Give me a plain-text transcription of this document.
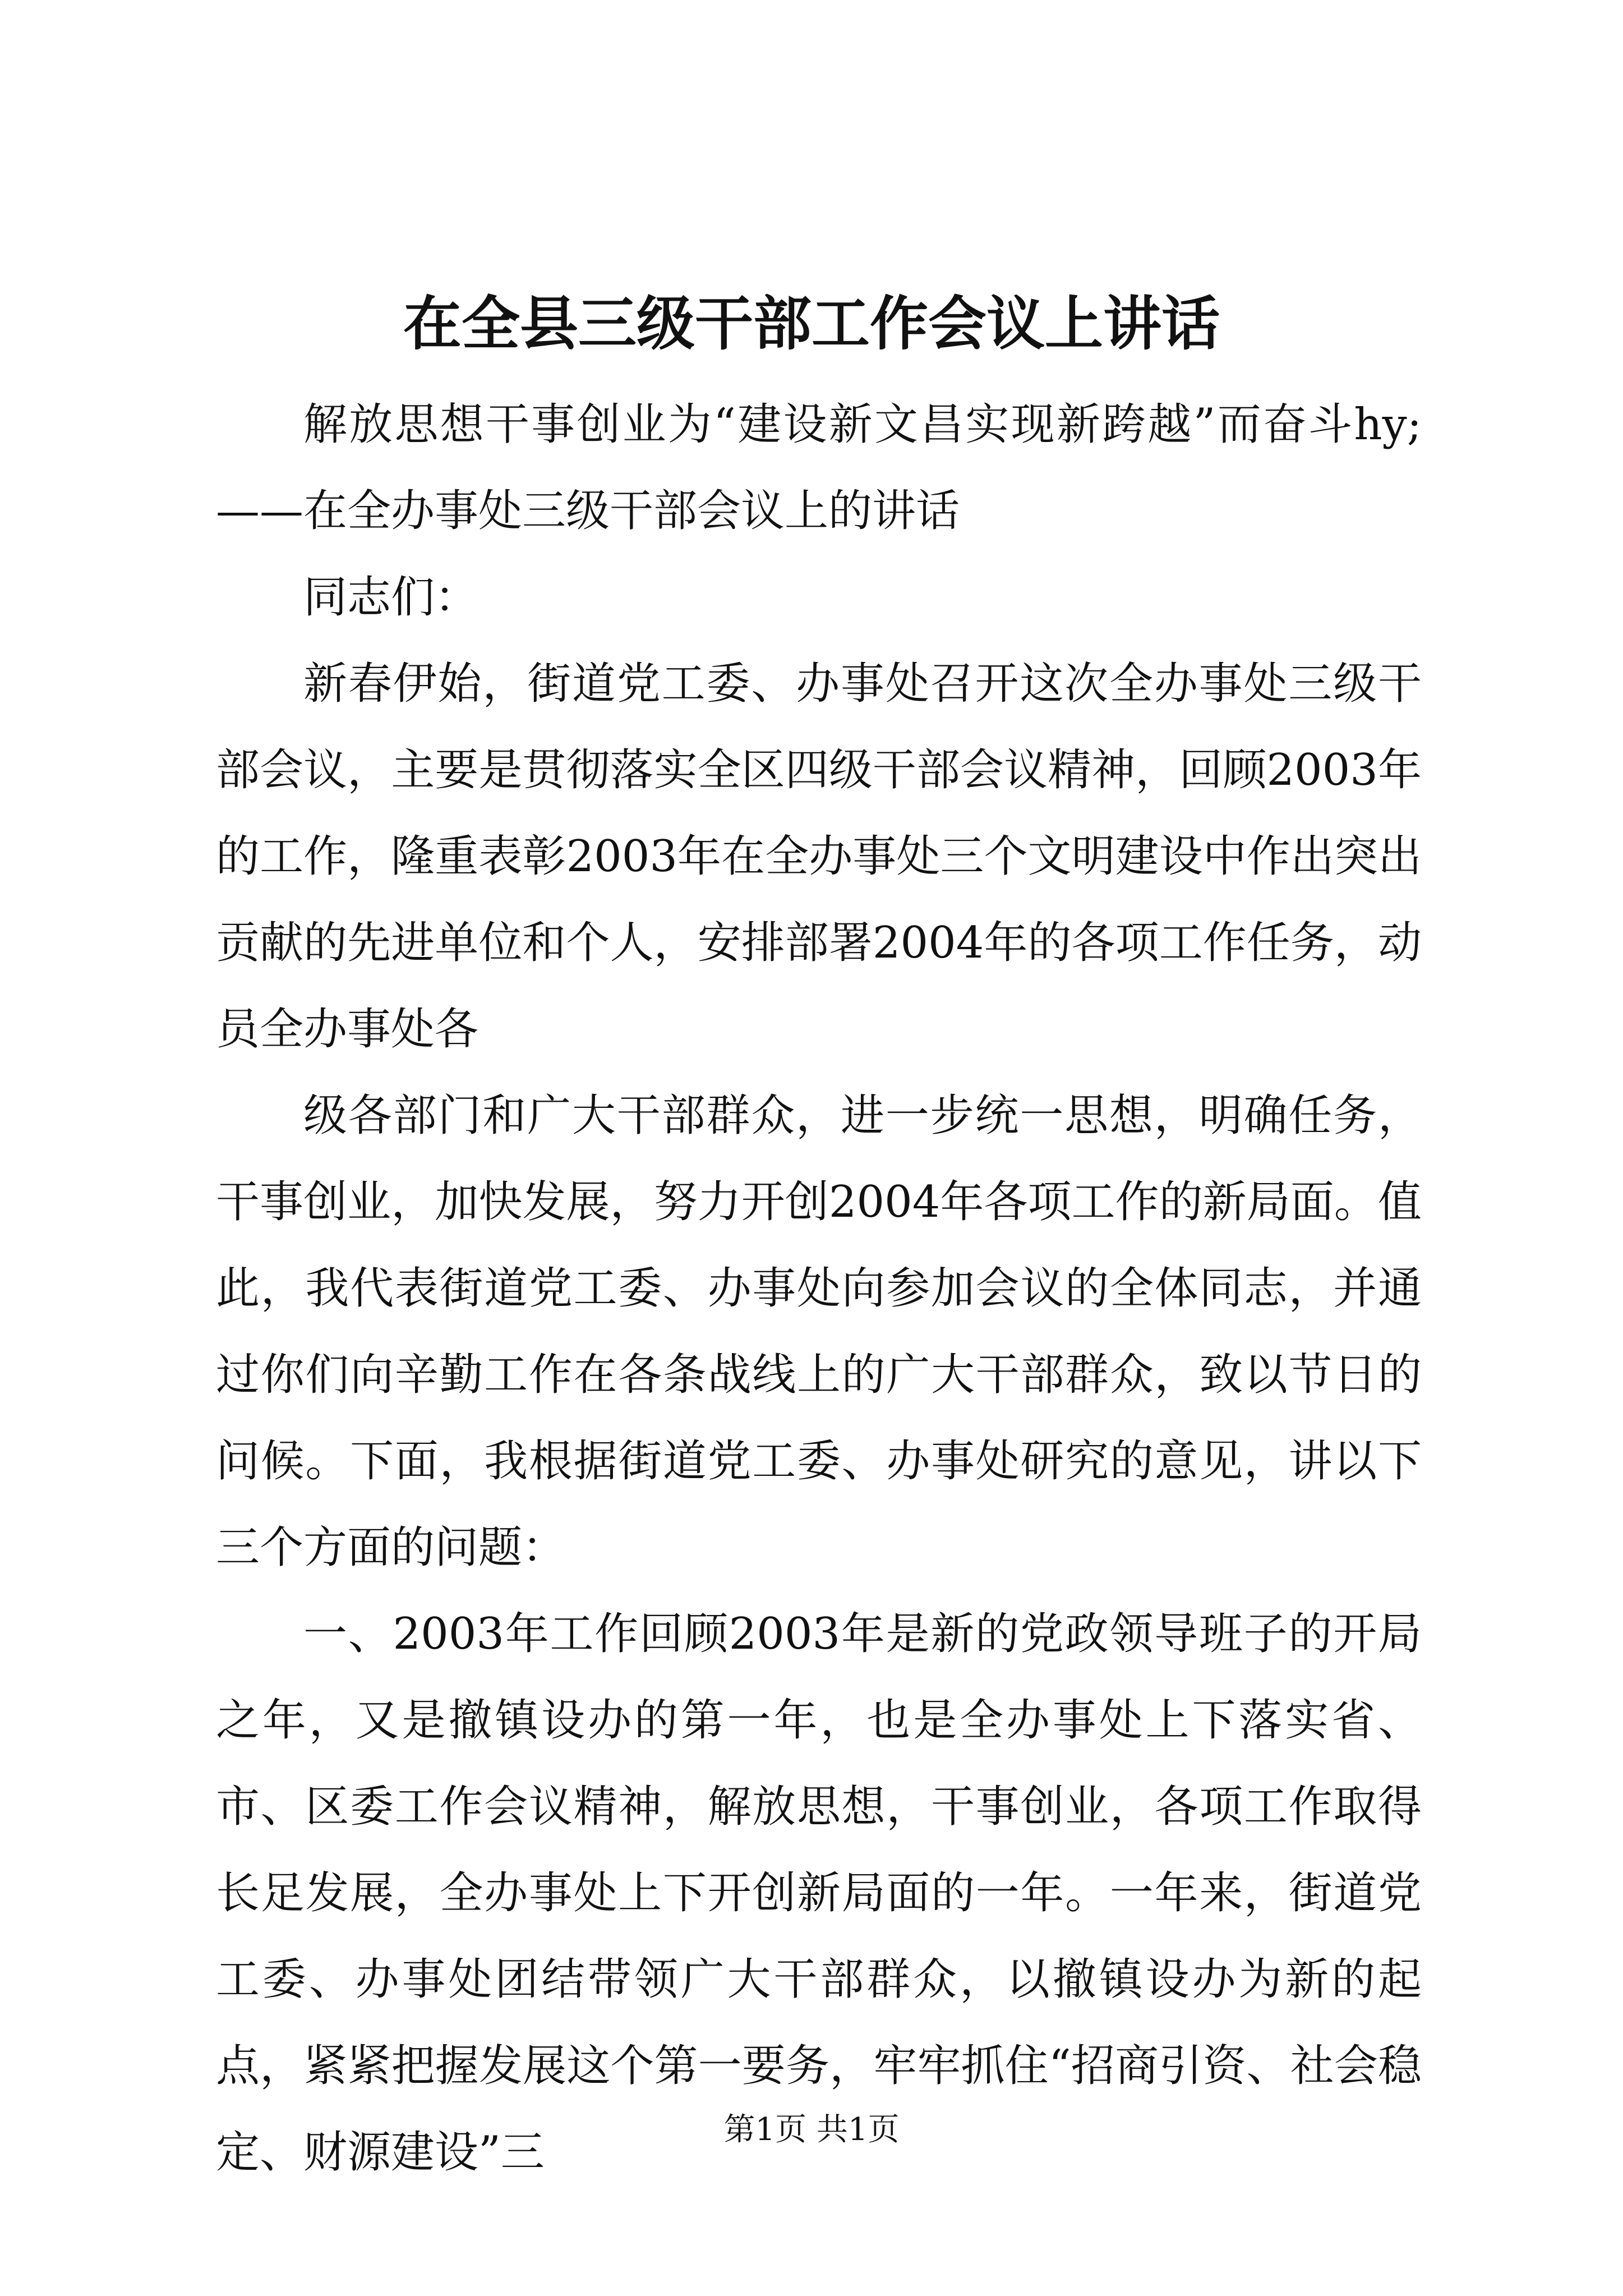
在全县三级干部工作会议上讲话

解放思想干事创业为“建设新文昌实现新跨越”而奋斗hy;——在全办事处三级干部会议上的讲话

同志们：

新春伊始，街道党工委、办事处召开这次全办事处三级干部会议，主要是贯彻落实全区四级干部会议精神，回顾2003年的工作，隆重表彰2003年在全办事处三个文明建设中作出突出贡献的先进单位和个人，安排部署2004年的各项工作任务，动员全办事处各

级各部门和广大干部群众，进一步统一思想，明确任务，干事创业，加快发展，努力开创2004年各项工作的新局面。值此，我代表街道党工委、办事处向参加会议的全体同志，并通过你们向辛勤工作在各条战线上的广大干部群众，致以节日的问候。下面，我根据街道党工委、办事处研究的意见，讲以下三个方面的问题：

一、2003年工作回顾2003年是新的党政领导班子的开局之年，又是撤镇设办的第一年，也是全办事处上下落实省、市、区委工作会议精神，解放思想，干事创业，各项工作取得长足发展，全办事处上下开创新局面的一年。一年来，街道党工委、办事处团结带领广大干部群众，以撤镇设办为新的起点，紧紧把握发展这个第一要务，牢牢抓住“招商引资、社会稳定、财源建设”三	第1页 共1页
